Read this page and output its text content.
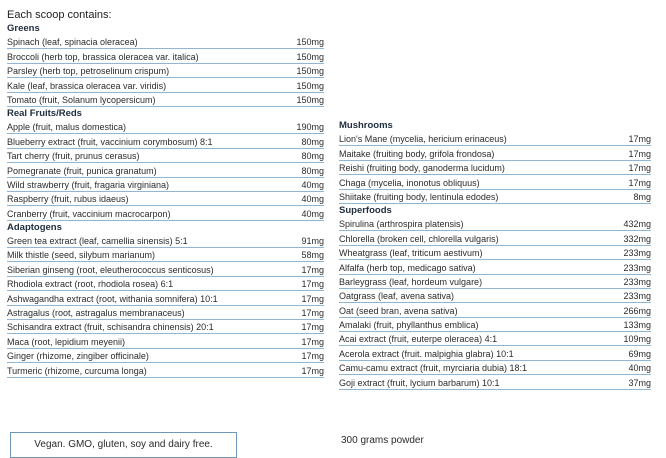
Each scoop contains:
Greens
Spinach (leaf, spinacia oleracea)	150mg
Broccoli (herb top, brassica oleracea var. italica)	150mg
Parsley (herb top, petroselinum crispum)	150mg
Kale (leaf, brassica oleracea var. viridis)	150mg
Tomato (fruit, Solanum lycopersicum)	150mg
Real Fruits/Reds
Apple (fruit, malus domestica)	190mg
Blueberry extract (fruit, vaccinium corymbosum) 8:1	80mg
Tart cherry (fruit, prunus cerasus)	80mg
Pomegranate (fruit, punica granatum)	80mg
Wild strawberry (fruit, fragaria virginiana)	40mg
Raspberry (fruit, rubus idaeus)	40mg
Cranberry (fruit, vaccinium macrocarpon)	40mg
Adaptogens
Green tea extract (leaf, camellia sinensis) 5:1	91mg
Milk thistle (seed, silybum marianum)	58mg
Siberian ginseng (root, eleutherococcus senticosus)	17mg
Rhodiola extract (root, rhodiola rosea) 6:1	17mg
Ashwagandha extract (root, withania somnifera) 10:1	17mg
Astragalus (root, astragalus membranaceus)	17mg
Schisandra extract (fruit, schisandra chinensis) 20:1	17mg
Maca (root, lepidium meyenii)	17mg
Ginger (rhizome, zingiber officinale)	17mg
Turmeric (rhizome, curcuma longa)	17mg
Mushrooms
Lion's Mane (mycelia, hericium erinaceus)	17mg
Maitake (fruiting body, grifola frondosa)	17mg
Reishi (fruiting body, ganoderma lucidum)	17mg
Chaga (mycelia, inonotus obliquus)	17mg
Shiitake (fruiting body, lentinula edodes)	8mg
Superfoods
Spirulina (arthrospira platensis)	432mg
Chlorella (broken cell, chlorella vulgaris)	332mg
Wheatgrass (leaf, triticum aestivum)	233mg
Alfalfa (herb top, medicago sativa)	233mg
Barleygrass (leaf, hordeum vulgare)	233mg
Oatgrass (leaf, avena sativa)	233mg
Oat (seed bran, avena sativa)	266mg
Amalaki (fruit, phyllanthus emblica)	133mg
Acai extract (fruit, euterpe oleracea) 4:1	109mg
Acerola extract (fruit. malpighia glabra) 10:1	69mg
Camu-camu extract (fruit, myrciaria dubia) 18:1	40mg
Goji extract (fruit, lycium barbarum) 10:1	37mg
Vegan. GMO, gluten, soy and dairy free.	300 grams powder
